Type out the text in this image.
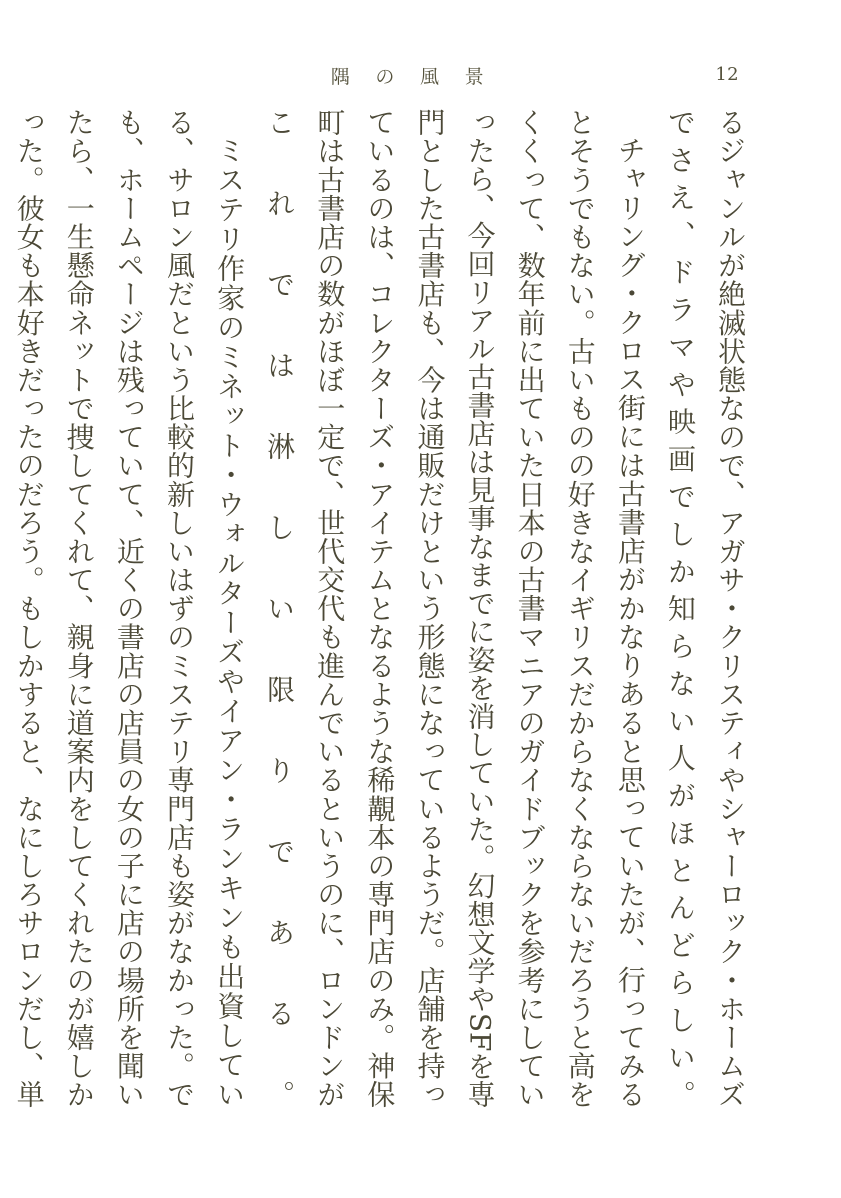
隅の風景	12

るジャンルが絶滅状態なので、アガサ・クリスティやシャーロック・ホームズでさえ、ドラマや映画でしか知らない人がほとんどらしい。

チャリング・クロス街には古書店がかなりあると思っていたが、行ってみるとそうでもない。古いものの好きなイギリスだからなくならないだろうと高をくくって、数年前に出ていた日本の古書マニアのガイドブックを参考にしていったら、今回リアル古書店は見事なまでに姿を消していた。幻想文学やSFを専門とした古書店も、今は通販だけという形態になっているようだ。店舗を持っているのは、コレクターズ・アイテムとなるような稀覯本の専門店のみ。神保町は古書店の数がほぼ一定で、世代交代も進んでいるというのに、ロンドンがこれでは淋しい限りである。

ミステリ作家のミネット・ウォルターズやイアン・ランキンも出資している、サロン風だという比較的新しいはずのミステリ専門店も姿がなかった。でも、ホームページは残っていて、近くの書店の店員の女の子に店の場所を聞いたら、一生懸命ネットで捜してくれて、親身に道案内をしてくれたのが嬉しかった。彼女も本好きだったのだろう。もしかすると、なにしろサロンだし、単
